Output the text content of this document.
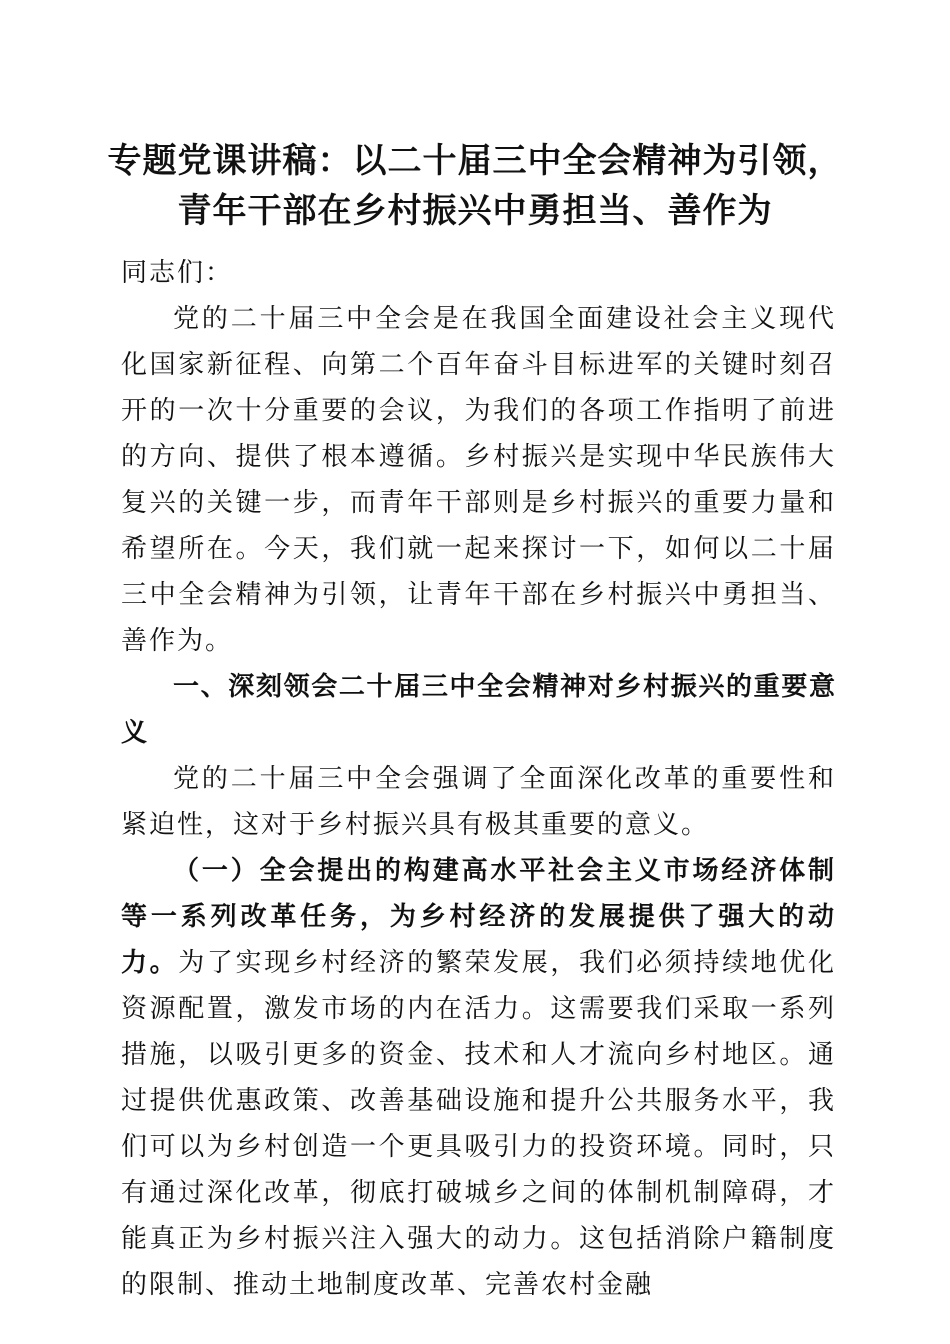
专题党课讲稿：以二十届三中全会精神为引领，
青年干部在乡村振兴中勇担当、善作为

同志们：

党的二十届三中全会是在我国全面建设社会主义现代化国家新征程、向第二个百年奋斗目标进军的关键时刻召开的一次十分重要的会议，为我们的各项工作指明了前进的方向、提供了根本遵循。乡村振兴是实现中华民族伟大复兴的关键一步，而青年干部则是乡村振兴的重要力量和希望所在。今天，我们就一起来探讨一下，如何以二十届三中全会精神为引领，让青年干部在乡村振兴中勇担当、善作为。

一、深刻领会二十届三中全会精神对乡村振兴的重要意义

党的二十届三中全会强调了全面深化改革的重要性和紧迫性，这对于乡村振兴具有极其重要的意义。

（一）全会提出的构建高水平社会主义市场经济体制等一系列改革任务，为乡村经济的发展提供了强大的动力。为了实现乡村经济的繁荣发展，我们必须持续地优化资源配置，激发市场的内在活力。这需要我们采取一系列措施，以吸引更多的资金、技术和人才流向乡村地区。通过提供优惠政策、改善基础设施和提升公共服务水平，我们可以为乡村创造一个更具吸引力的投资环境。同时，只有通过深化改革，彻底打破城乡之间的体制机制障碍，才能真正为乡村振兴注入强大的动力。这包括消除户籍制度的限制、推动土地制度改革、完善农村金融
